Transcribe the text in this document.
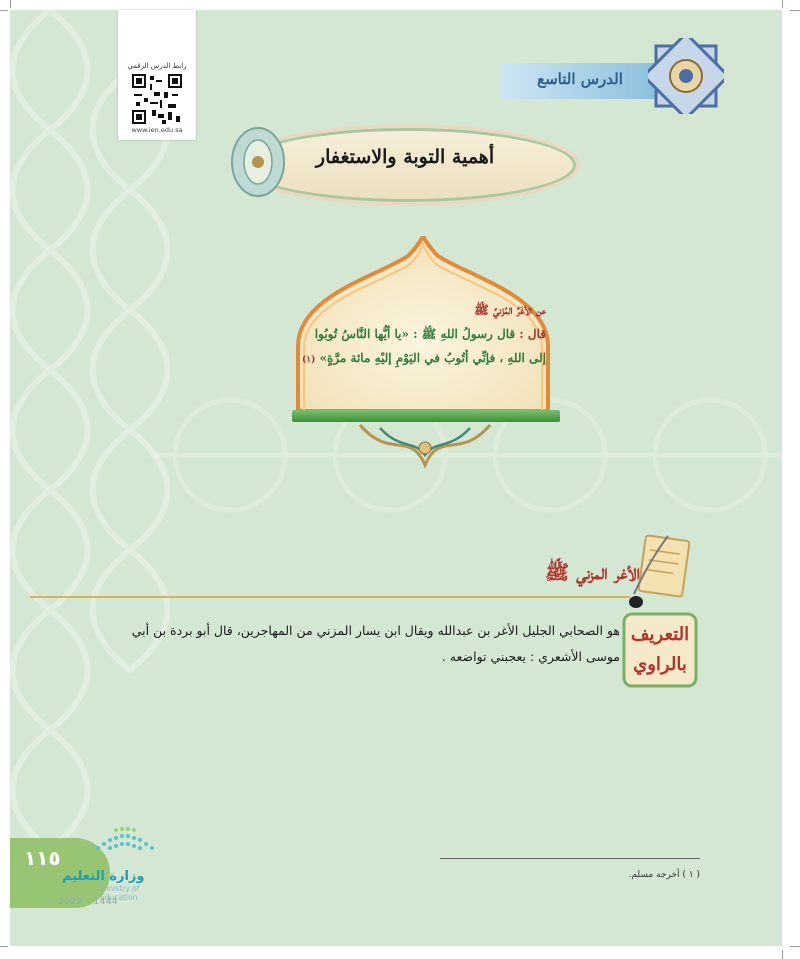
رابط الدرس الرقمي
www.ien.edu.sa
الدرس التاسع
أهمية التوبة والاستغفار
عن الأغَرِّ المُزَنيِّ ﷺ
قال : قال رسولُ اللهِ ﷺ : «يا أيُّها النَّاسُ تُوبُوا
إلى اللهِ ، فإنِّي أتُوبُ في اليَوْمِ إليْهِ مائة مرَّةٍ» (١)
الأغر المزني ﷺ
التعريف
بالراوي
هو الصحابي الجليل الأغر بن عبدالله ويقال ابن يسار المزني من المهاجرين، قال أبو بردة بن أبي موسى الأشعري : يعجبني تواضعه .
( ١ ) أخرجه مسلم.
١١٥
وزارة التعليم
Ministry of Education
2022 - 1444
